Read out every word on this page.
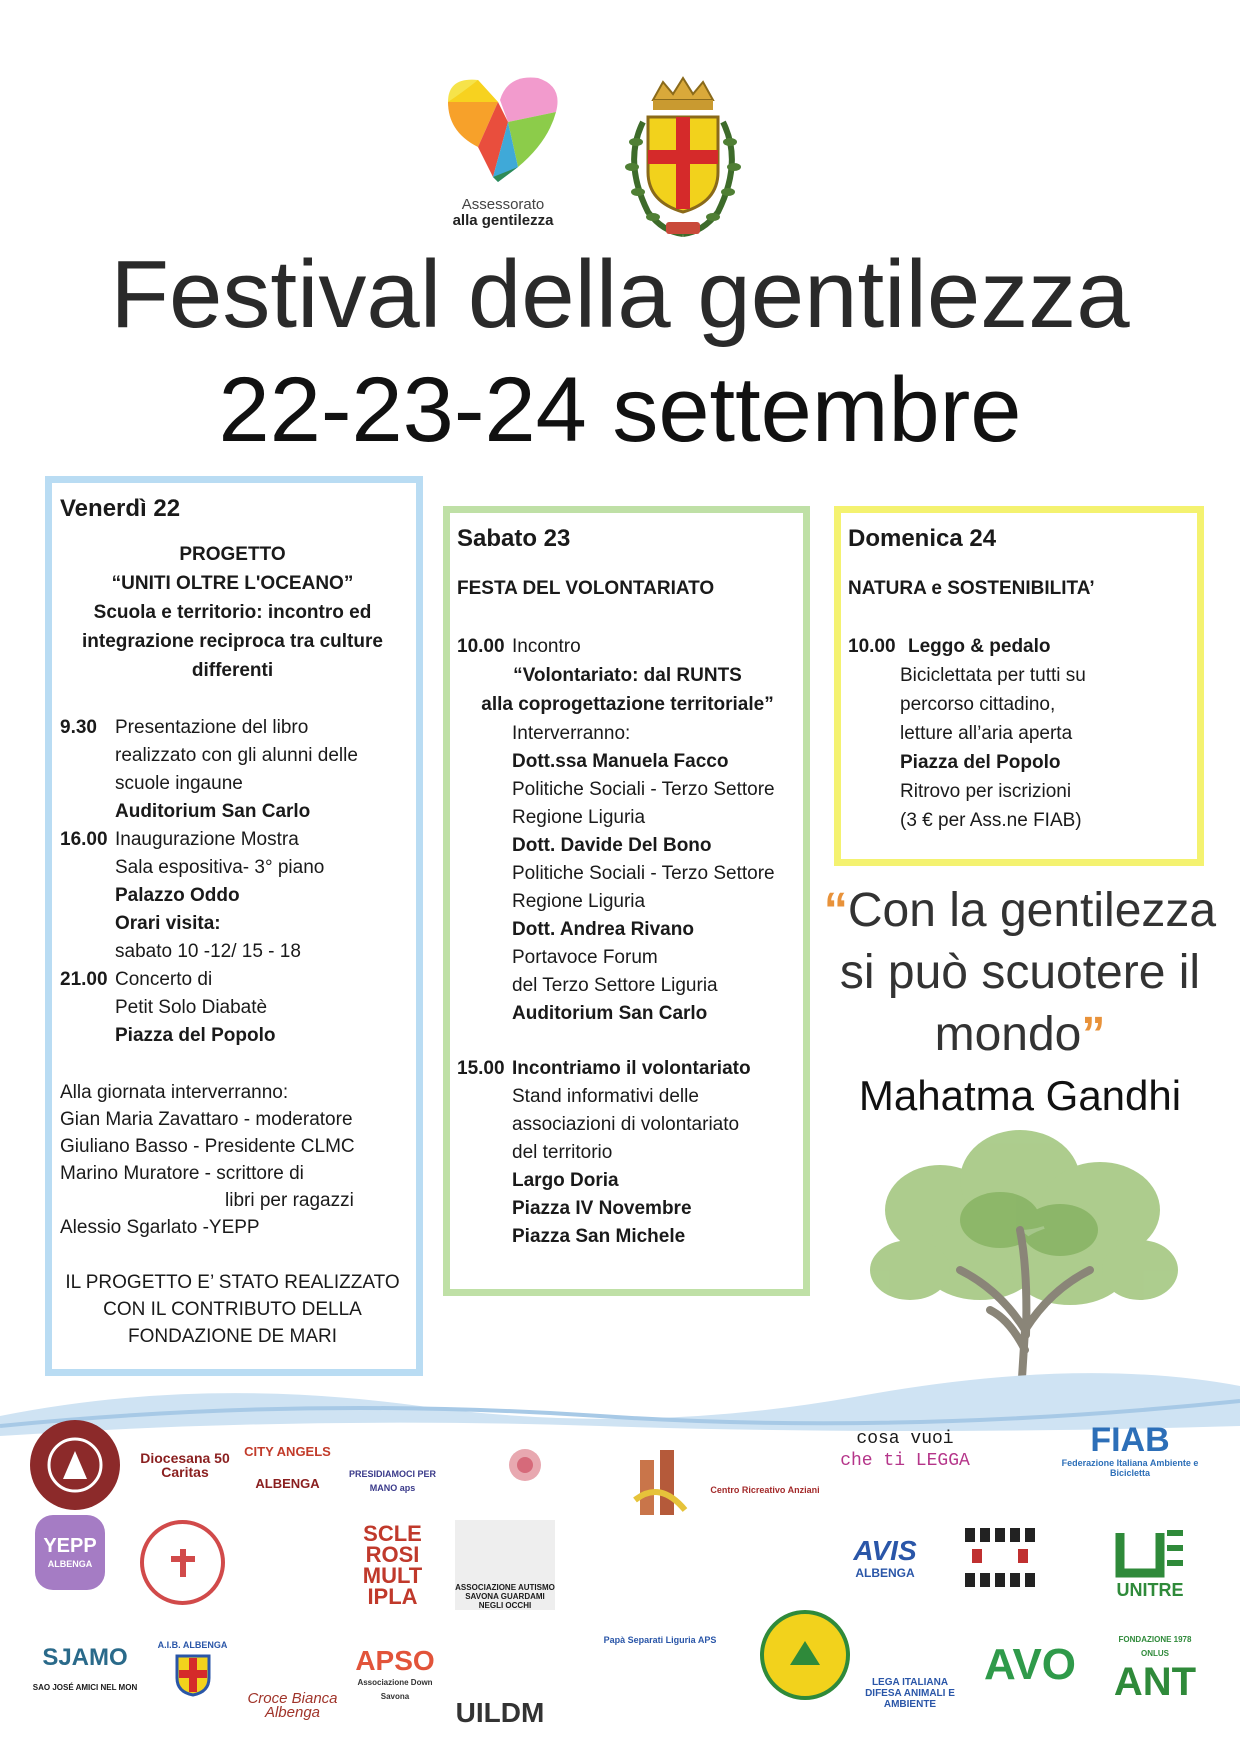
Assessorato
alla gentilezza
Festival della gentilezza
22-23-24 settembre
Venerdì 22
PROGETTO
“UNITI OLTRE L'OCEANO”
Scuola e territorio: incontro ed
integrazione reciproca tra culture
differenti
9.30 Presentazione del libro
realizzato con gli alunni delle
scuole ingaune
Auditorium San Carlo
16.00 Inaugurazione Mostra
Sala espositiva- 3° piano
Palazzo Oddo
Orari visita:
sabato 10 -12/ 15 - 18
21.00 Concerto di
Petit Solo Diabatè
Piazza del Popolo
Alla giornata interverranno:
Gian Maria Zavattaro - moderatore
Giuliano Basso - Presidente CLMC
Marino Muratore - scrittore di
libri per ragazzi
Alessio Sgarlato -YEPP
IL PROGETTO E’ STATO REALIZZATO
CON IL CONTRIBUTO DELLA
FONDAZIONE DE MARI
Sabato 23
FESTA DEL VOLONTARIATO
10.00 Incontro
“Volontariato: dal RUNTS
alla coprogettazione territoriale”
Interverranno:
Dott.ssa Manuela Facco
Politiche Sociali - Terzo Settore
Regione Liguria
Dott. Davide Del Bono
Politiche Sociali - Terzo Settore
Regione Liguria
Dott. Andrea Rivano
Portavoce Forum
del Terzo Settore Liguria
Auditorium San Carlo
15.00 Incontriamo il volontariato
Stand informativi delle
associazioni di volontariato
del territorio
Largo Doria
Piazza IV Novembre
Piazza San Michele
Domenica 24
NATURA e SOSTENIBILITA’
10.00 Leggo & pedalo
Biciclettata per tutti su
percorso cittadino,
letture all’aria aperta
Piazza del Popolo
Ritrovo per iscrizioni
(3 € per Ass.ne FIAB)
“Con la gentilezza
si può scuotere il
mondo”
Mahatma Gandhi
Diocesana 50 Caritas
CITY ANGELS
ALBENGA
PRESIDIAMOCI PER MANO aps	Centro Ricreativo Anziani
cosa vuoi
che ti LEGGA
FIAB
Federazione Italiana Ambiente e Bicicletta
YEPP
ALBENGA
SCLE ROSI MULT IPLA	ASSOCIAZIONE AUTISMO SAVONA GUARDAMI NEGLI OCCHI
AVIS
ALBENGA
UNITRE
SJAMO
SAO JOSÉ AMICI NEL MON
A.I.B. ALBENGA
Croce Bianca Albenga
APSO
Associazione Down Savona
UILDM
Papà Separati Liguria APS
LEGA ITALIANA DIFESA ANIMALI E AMBIENTE
AVO
FONDAZIONE 1978 ONLUS
ANT
